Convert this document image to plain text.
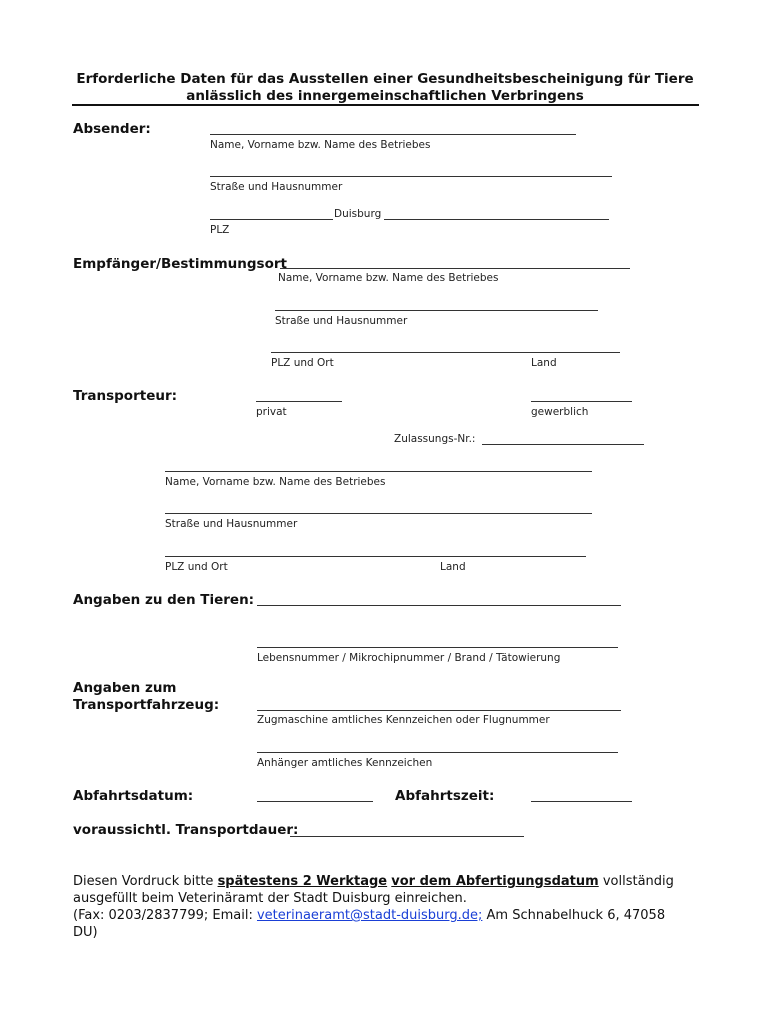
Erforderliche Daten für das Ausstellen einer Gesundheitsbescheinigung für Tiere
anlässlich des innergemeinschaftlichen Verbringens
Absender:
Name, Vorname bzw. Name des Betriebes
Straße und Hausnummer
Duisburg
PLZ
Empfänger/Bestimmungsort
Name, Vorname bzw. Name des Betriebes
Straße und Hausnummer
PLZ und Ort	Land
Transporteur:
privat	gewerblich
Zulassungs-Nr.:
Name, Vorname bzw. Name des Betriebes
Straße und Hausnummer
PLZ und Ort	Land
Angaben zu den Tieren:
Lebensnummer / Mikrochipnummer / Brand / Tätowierung
Angaben zum
Transportfahrzeug:
Zugmaschine amtliches Kennzeichen oder Flugnummer
Anhänger amtliches Kennzeichen
Abfahrtsdatum:	Abfahrtszeit:
voraussichtl. Transportdauer:
Diesen Vordruck bitte spätestens 2 Werktage vor dem Abfertigungsdatum vollständig ausgefüllt beim Veterinäramt der Stadt Duisburg einreichen.
(Fax: 0203/2837799; Email: veterinaeramt@stadt-duisburg.de; Am Schnabelhuck 6, 47058 DU)
